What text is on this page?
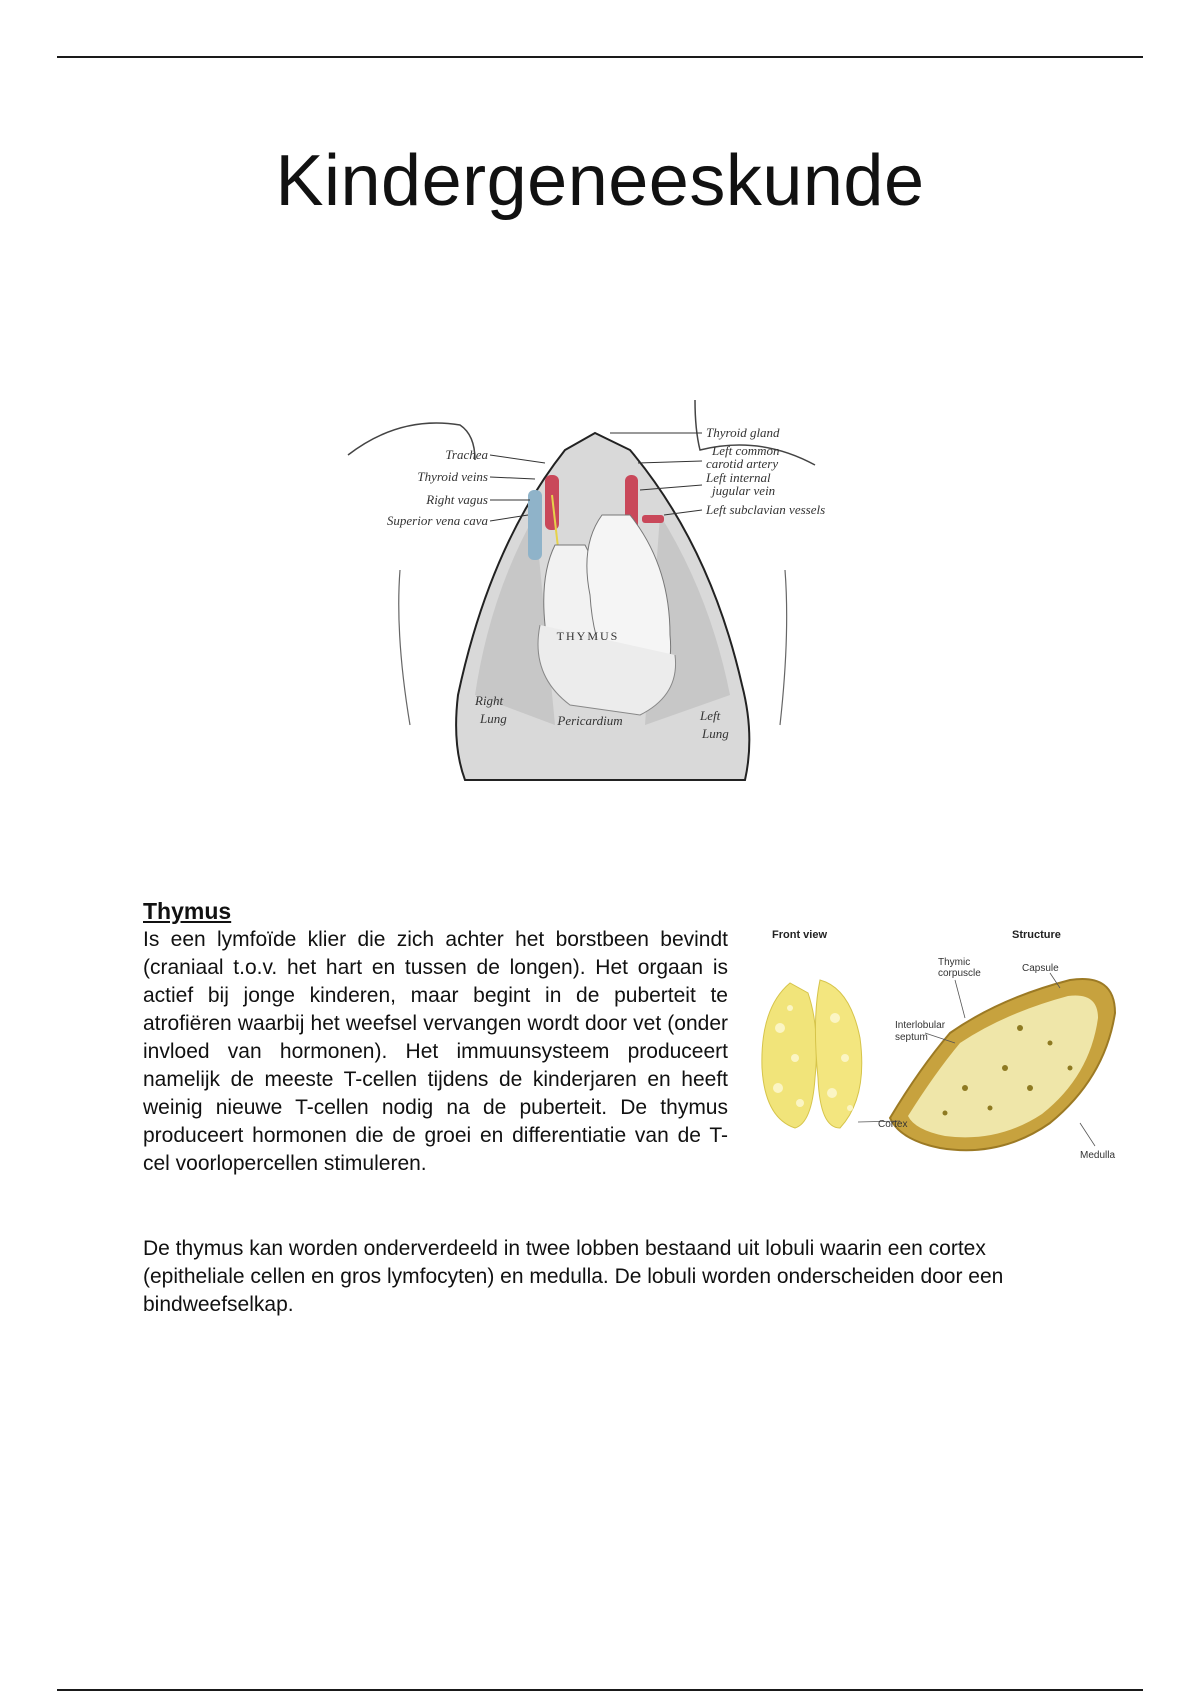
Kindergeneeskunde
Trachea
Thyroid veins
Right vagus
Superior vena cava
Thyroid gland
Left common
carotid artery
Left internal
jugular vein
Left subclavian vessels
THYMUS
Right
Lung	Pericardium	Left
Lung
Thymus

Is een lymfoïde klier die zich achter het borstbeen bevindt (craniaal t.o.v. het hart en tussen de longen). Het orgaan is actief bij jonge kinderen, maar begint in de puberteit te atrofiëren waarbij het weefsel vervangen wordt door vet (onder invloed van hormonen). Het immuunsysteem produceert namelijk de meeste T-cellen tijdens de kinderjaren en heeft weinig nieuwe T-cellen nodig na de puberteit. De thymus produceert hormonen die de groei en differentiatie van de T-cel voorlopercellen stimuleren.

Front view	Structure
Capsule
Thymic
corpuscle
Interlobular
septum
Cortex
Medulla

De thymus kan worden onderverdeeld in twee lobben bestaand uit lobuli waarin een cortex (epitheliale cellen en gros lymfocyten) en medulla. De lobuli worden onderscheiden door een bindweefselkap.
